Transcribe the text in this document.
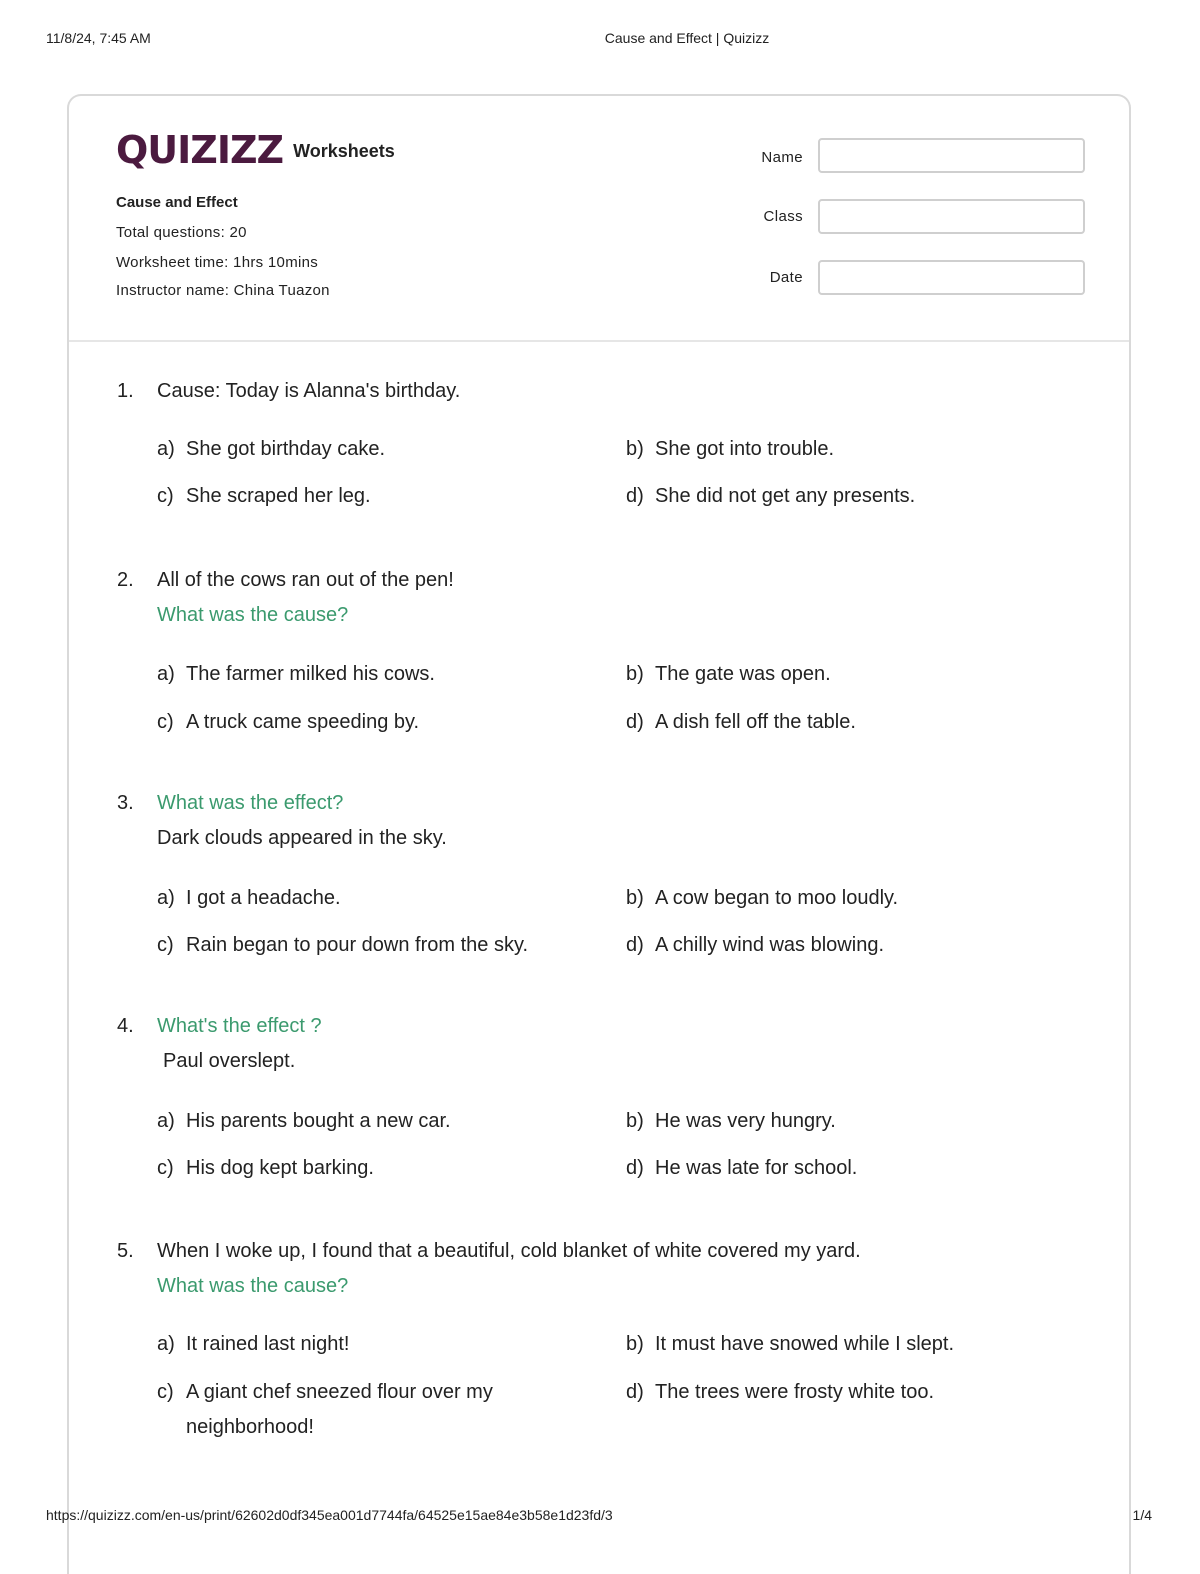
11/8/24, 7:45 AM	Cause and Effect | Quizizz
QUIZIZZ Worksheets
Cause and Effect
Total questions: 20
Worksheet time: 1hrs 10mins
Instructor name: China Tuazon
Name
Class
Date
1. Cause: Today is Alanna's birthday.
a) She got birthday cake.	b) She got into trouble.
c) She scraped her leg.	d) She did not get any presents.
2. All of the cows ran out of the pen!
What was the cause?
a) The farmer milked his cows.	b) The gate was open.
c) A truck came speeding by.	d) A dish fell off the table.
3. What was the effect?
Dark clouds appeared in the sky.
a) I got a headache.	b) A cow began to moo loudly.
c) Rain began to pour down from the sky.	d) A chilly wind was blowing.
4. What's the effect ?
Paul overslept.
a) His parents bought a new car.	b) He was very hungry.
c) His dog kept barking.	d) He was late for school.
5. When I woke up, I found that a beautiful, cold blanket of white covered my yard.
What was the cause?
a) It rained last night!	b) It must have snowed while I slept.
c) A giant chef sneezed flour over my neighborhood!
d) The trees were frosty white too.
https://quizizz.com/en-us/print/62602d0df345ea001d7744fa/64525e15ae84e3b58e1d23fd/3	1/4
